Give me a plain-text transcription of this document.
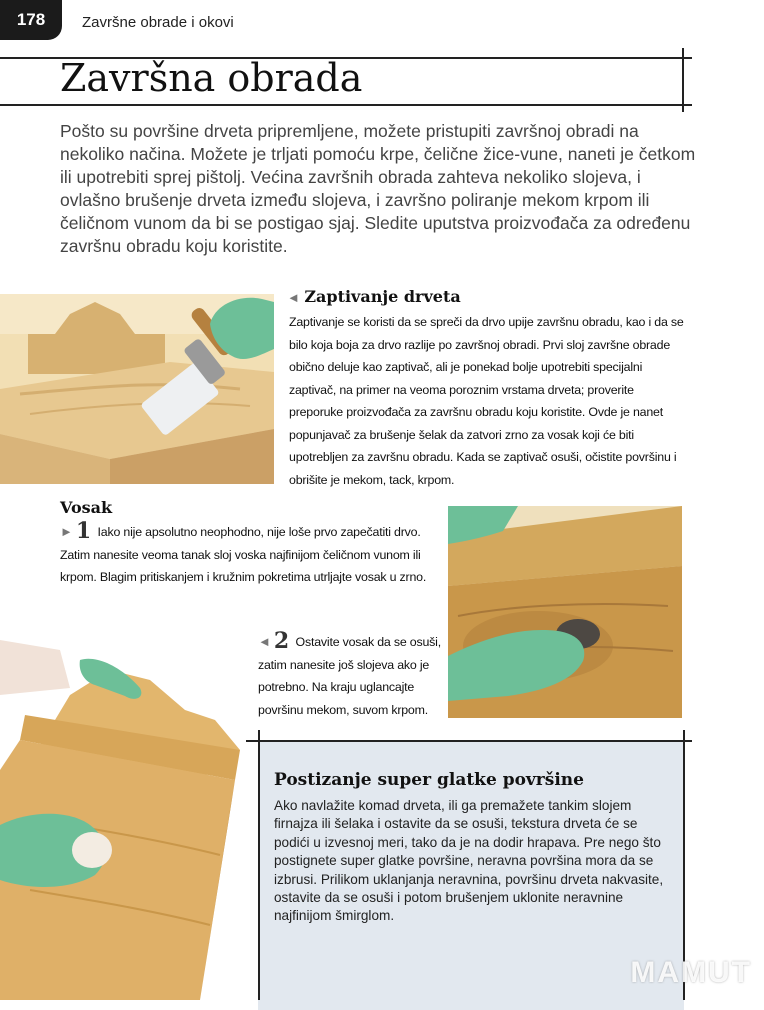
178	Završne obrade i okovi
Završna obrada
Pošto su površine drveta pripremljene, možete pristupiti završnoj obradi na nekoliko načina. Možete je trljati pomoću krpe, čelične žice-vune, naneti je četkom ili upotrebiti sprej pištolj. Većina završnih obrada zahteva nekoliko slojeva, i ovlašno brušenje drveta između slojeva, i završno poliranje mekom krpom ili čeličnom vunom da bi se postigao sjaj. Sledite uputstva proizvođača za određenu završnu obradu koju koristite.
◄ Zaptivanje drveta
Zaptivanje se koristi da se spreči da drvo upije završnu obradu, kao i da se bilo koja boja za drvo razlije po završnoj obradi. Prvi sloj završne obrade obično deluje kao zaptivač, ali je ponekad bolje upotrebiti specijalni zaptivač, na primer na veoma poroznim vrstama drveta; proverite preporuke proizvođača za završnu obradu koju koristite. Ovde je nanet popunjavač za brušenje šelak da zatvori zrno za vosak koji će biti upotrebljen za završnu obradu. Kada se zaptivač osuši, očistite površinu i obrišite je mekom, tack, krpom.
Vosak
► 1 Iako nije apsolutno neophodno, nije loše prvo zapečatiti drvo. Zatim nanesite veoma tanak sloj voska najfinijom čeličnom vunom ili krpom. Blagim pritiskanjem i kružnim pokretima utrljajte vosak u zrno.
◄ 2 Ostavite vosak da se osuši, zatim nanesite još slojeva ako je potrebno. Na kraju uglancajte površinu mekom, suvom krpom.
Postizanje super glatke površine
Ako navlažite komad drveta, ili ga premažete tankim slojem firnajza ili šelaka i ostavite da se osuši, tekstura drveta će se podići u izvesnoj meri, tako da je na dodir hrapava. Pre nego što postignete super glatke površine, neravna površina mora da se izbrusi. Prilikom uklanjanja neravnina, površinu drveta nakvasite, ostavite da se osuši i potom brušenjem uklonite neravnine najfinijom šmirglom.
MAMUT
